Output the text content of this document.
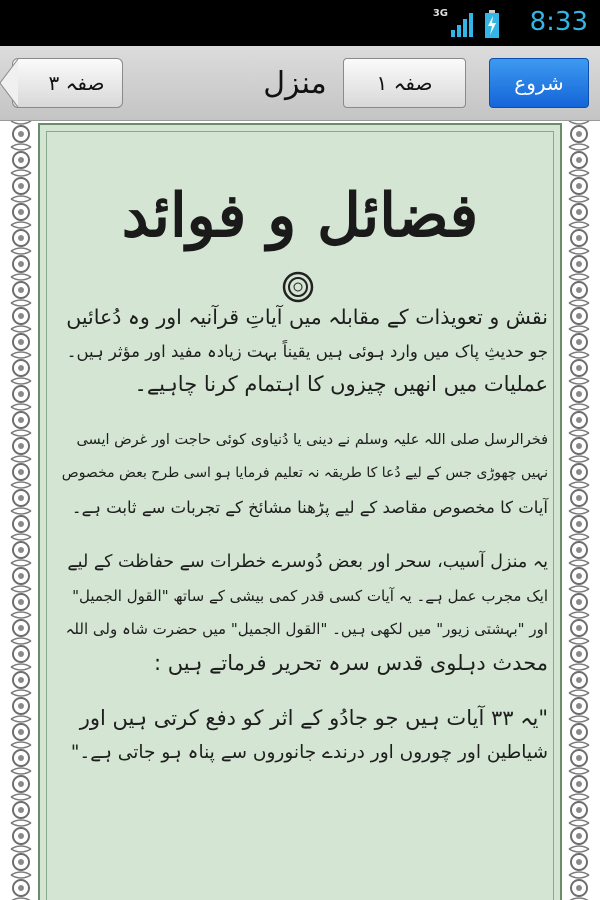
3G	8:33
صفہ ٣	منزل	صفہ ١	شروع
فضائل و فوائد

نقش و تعویذات کے مقابلہ میں آیاتِ قرآنیہ اور وہ دُعائیں
جو حدیثِ پاک میں وارد ہوئی ہیں یقیناً بہت زیادہ مفید اور مؤثر ہیں۔
عملیات میں انھیں چیزوں کا اہتمام کرنا چاہیے۔

فخرالرسل صلی اللہ علیہ وسلم نے دینی یا دُنیاوی کوئی حاجت اور غرض ایسی
نہیں چھوڑی جس کے لیے دُعا کا طریقہ نہ تعلیم فرمایا ہو اسی طرح بعض مخصوص
آیات کا مخصوص مقاصد کے لیے پڑھنا مشائخ کے تجربات سے ثابت ہے۔

یہ منزل آسیب، سحر اور بعض دُوسرے خطرات سے حفاظت کے لیے
ایک مجرب عمل ہے۔ یہ آیات کسی قدر کمی بیشی کے ساتھ "القول الجمیل"
اور "بہشتی زیور" میں لکھی ہیں۔ "القول الجمیل" میں حضرت شاہ ولی اللہ
محدث دہلوی قدس سرہ تحریر فرماتے ہیں :

"یہ ٣٣ آیات ہیں جو جادُو کے اثر کو دفع کرتی ہیں اور
شیاطین اور چوروں اور درندے جانوروں سے پناہ ہو جاتی ہے۔"
